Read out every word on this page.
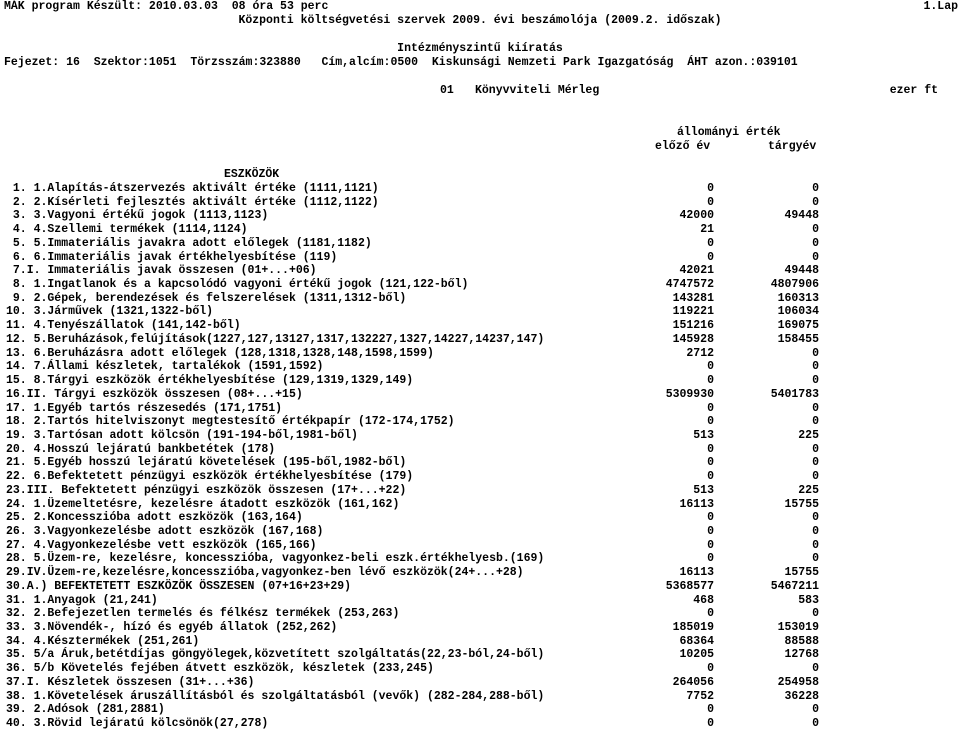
MÁK program Készült: 2010.03.03  08 óra 53 perc	1.Lap
Központi költségvetési szervek 2009. évi beszámolója (2009.2. időszak)
Intézményszintű kiíratás
Fejezet: 16  Szektor:1051  Törzsszám:323880   Cím,alcím:0500  Kiskunsági Nemzeti Park Igazgatóság  ÁHT azon.:039101
01 Könyvviteli Mérleg	ezer ft
állományi érték
előző év	tárgyév
ESZKÖZÖK
1. 1.Alapítás-átszervezés aktivált értéke (1111,1121)	0	0
2. 2.Kísérleti fejlesztés aktivált értéke (1112,1122)	0	0
3. 3.Vagyoni értékű jogok (1113,1123)	42000	49448
4. 4.Szellemi termékek (1114,1124)	21	0
5. 5.Immateriális javakra adott előlegek (1181,1182)	0	0
6. 6.Immateriális javak értékhelyesbítése (119)	0	0
7.I. Immateriális javak összesen (01+...+06)	42021	49448
8. 1.Ingatlanok és a kapcsolódó vagyoni értékű jogok (121,122-ből)	4747572	4807906
9. 2.Gépek, berendezések és felszerelések (1311,1312-ből)	143281	160313
10. 3.Járművek (1321,1322-ből)	119221	106034
11. 4.Tenyészállatok (141,142-ből)	151216	169075
12. 5.Beruházások,felújítások(1227,127,13127,1317,132227,1327,14227,14237,147)	145928	158455
13. 6.Beruházásra adott előlegek (128,1318,1328,148,1598,1599)	2712	0
14. 7.Állami készletek, tartalékok (1591,1592)	0	0
15. 8.Tárgyi eszközök értékhelyesbítése (129,1319,1329,149)	0	0
16.II. Tárgyi eszközök összesen (08+...+15)	5309930	5401783
17. 1.Egyéb tartós részesedés (171,1751)	0	0
18. 2.Tartós hitelviszonyt megtestesítő értékpapír (172-174,1752)	0	0
19. 3.Tartósan adott kölcsön (191-194-ből,1981-ből)	513	225
20. 4.Hosszú lejáratú bankbetétek (178)	0	0
21. 5.Egyéb hosszú lejáratú követelések (195-ből,1982-ből)	0	0
22. 6.Befektetett pénzügyi eszközök értékhelyesbítése (179)	0	0
23.III. Befektetett pénzügyi eszközök összesen (17+...+22)	513	225
24. 1.Üzemeltetésre, kezelésre átadott eszközök (161,162)	16113	15755
25. 2.Koncesszióba adott eszközök (163,164)	0	0
26. 3.Vagyonkezelésbe adott eszközök (167,168)	0	0
27. 4.Vagyonkezelésbe vett eszközök (165,166)	0	0
28. 5.Üzem-re, kezelésre, koncesszióba, vagyonkez-beli eszk.értékhelyesb.(169)	0	0
29.IV.Üzem-re,kezelésre,koncesszióba,vagyonkez-ben lévő eszközök(24+...+28)	16113	15755
30.A.) BEFEKTETETT ESZKÖZÖK ÖSSZESEN (07+16+23+29)	5368577	5467211
31. 1.Anyagok (21,241)	468	583
32. 2.Befejezetlen termelés és félkész termékek (253,263)	0	0
33. 3.Növendék-, hízó és egyéb állatok (252,262)	185019	153019
34. 4.Késztermékek (251,261)	68364	88588
35. 5/a Áruk,betétdíjas göngyölegek,közvetített szolgáltatás(22,23-ból,24-ből)	10205	12768
36. 5/b Követelés fejében átvett eszközök, készletek (233,245)	0	0
37.I. Készletek összesen (31+...+36)	264056	254958
38. 1.Követelések áruszállításból és szolgáltatásból (vevők) (282-284,288-ből)	7752	36228
39. 2.Adósok (281,2881)	0	0
40. 3.Rövid lejáratú kölcsönök(27,278)	0	0
